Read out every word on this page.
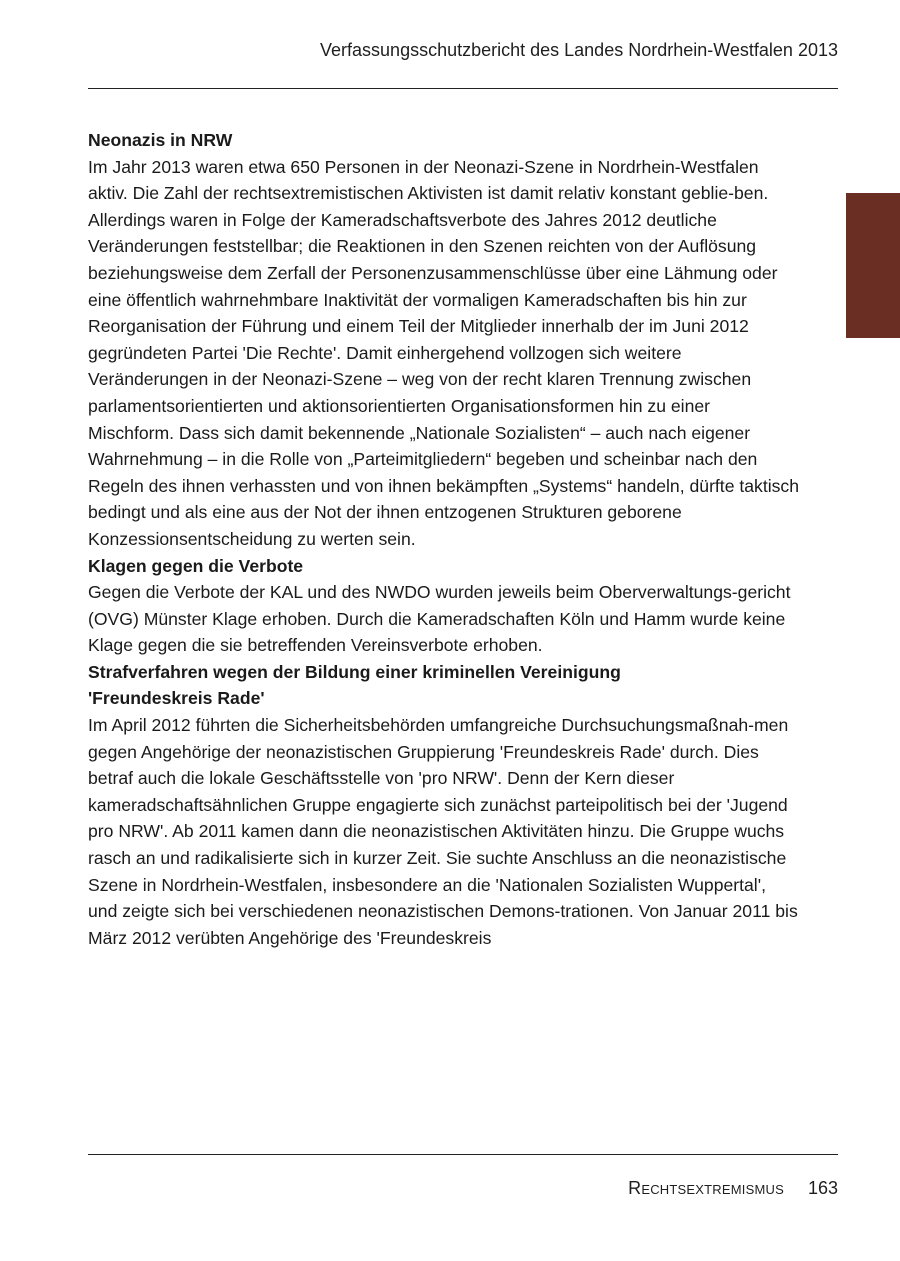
Verfassungsschutzbericht des Landes Nordrhein-Westfalen 2013
Neonazis in NRW

Im Jahr 2013 waren etwa 650 Personen in der Neonazi-Szene in Nordrhein-Westfalen aktiv. Die Zahl der rechtsextremistischen Aktivisten ist damit relativ konstant geblie-ben. Allerdings waren in Folge der Kameradschaftsverbote des Jahres 2012 deutliche Veränderungen feststellbar; die Reaktionen in den Szenen reichten von der Auflösung beziehungsweise dem Zerfall der Personenzusammenschlüsse über eine Lähmung oder eine öffentlich wahrnehmbare Inaktivität der vormaligen Kameradschaften bis hin zur Reorganisation der Führung und einem Teil der Mitglieder innerhalb der im Juni 2012 gegründeten Partei 'Die Rechte'. Damit einhergehend vollzogen sich weitere Veränderungen in der Neonazi-Szene – weg von der recht klaren Trennung zwischen parlamentsorientierten und aktionsorientierten Organisationsformen hin zu einer Mischform. Dass sich damit bekennende „Nationale Sozialisten“ – auch nach eigener Wahrnehmung – in die Rolle von „Parteimitgliedern“ begeben und scheinbar nach den Regeln des ihnen verhassten und von ihnen bekämpften „Systems“ handeln, dürfte taktisch bedingt und als eine aus der Not der ihnen entzogenen Strukturen geborene Konzessionsentscheidung zu werten sein.

Klagen gegen die Verbote

Gegen die Verbote der KAL und des NWDO wurden jeweils beim Oberverwaltungs-gericht (OVG) Münster Klage erhoben. Durch die Kameradschaften Köln und Hamm wurde keine Klage gegen die sie betreffenden Vereinsverbote erhoben.

Strafverfahren wegen der Bildung einer kriminellen Vereinigung
'Freundeskreis Rade'

Im April 2012 führten die Sicherheitsbehörden umfangreiche Durchsuchungsmaßnah-men gegen Angehörige der neonazistischen Gruppierung 'Freundeskreis Rade' durch. Dies betraf auch die lokale Geschäftsstelle von 'pro NRW'. Denn der Kern dieser kameradschaftsähnlichen Gruppe engagierte sich zunächst parteipolitisch bei der 'Jugend pro NRW'. Ab 2011 kamen dann die neonazistischen Aktivitäten hinzu. Die Gruppe wuchs rasch an und radikalisierte sich in kurzer Zeit. Sie suchte Anschluss an die neonazistische Szene in Nordrhein-Westfalen, insbesondere an die 'Nationalen Sozialisten Wuppertal', und zeigte sich bei verschiedenen neonazistischen Demons-trationen. Von Januar 2011 bis März 2012 verübten Angehörige des 'Freundeskreis

Rechtsextremismus 163
